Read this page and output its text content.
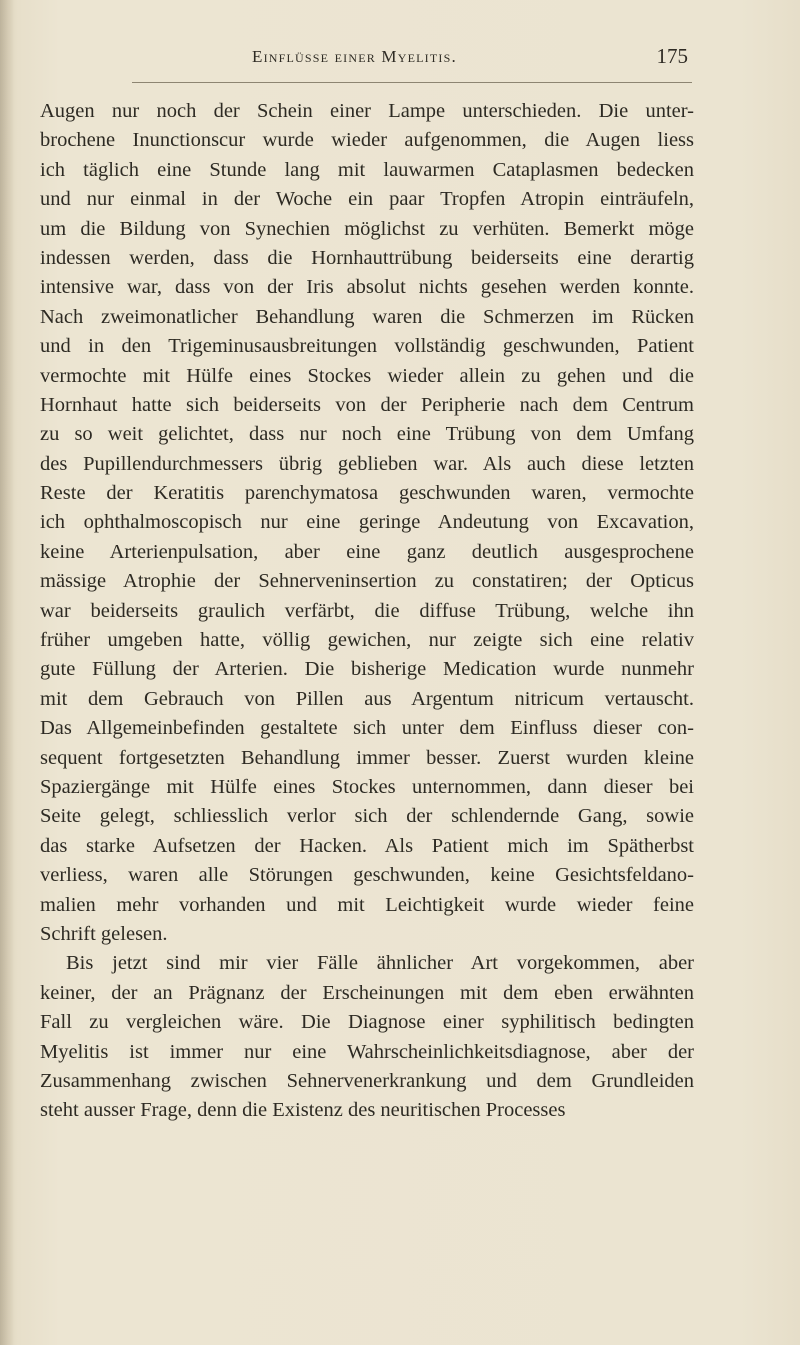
Einflüsse einer Myelitis.	175
Augen nur noch der Schein einer Lampe unterschieden. Die unter-
brochene Inunctionscur wurde wieder aufgenommen, die Augen liess
ich täglich eine Stunde lang mit lauwarmen Cataplasmen bedecken
und nur einmal in der Woche ein paar Tropfen Atropin einträufeln,
um die Bildung von Synechien möglichst zu verhüten. Bemerkt möge
indessen werden, dass die Hornhauttrübung beiderseits eine derartig
intensive war, dass von der Iris absolut nichts gesehen werden konnte.
Nach zweimonatlicher Behandlung waren die Schmerzen im Rücken
und in den Trigeminusausbreitungen vollständig geschwunden, Patient
vermochte mit Hülfe eines Stockes wieder allein zu gehen und die
Hornhaut hatte sich beiderseits von der Peripherie nach dem Centrum
zu so weit gelichtet, dass nur noch eine Trübung von dem Umfang
des Pupillendurchmessers übrig geblieben war. Als auch diese letzten
Reste der Keratitis parenchymatosa geschwunden waren, vermochte
ich ophthalmoscopisch nur eine geringe Andeutung von Excavation,
keine Arterienpulsation, aber eine ganz deutlich ausgesprochene
mässige Atrophie der Sehnerveninsertion zu constatiren; der Opticus
war beiderseits graulich verfärbt, die diffuse Trübung, welche ihn
früher umgeben hatte, völlig gewichen, nur zeigte sich eine relativ
gute Füllung der Arterien. Die bisherige Medication wurde nunmehr
mit dem Gebrauch von Pillen aus Argentum nitricum vertauscht.
Das Allgemeinbefinden gestaltete sich unter dem Einfluss dieser con-
sequent fortgesetzten Behandlung immer besser. Zuerst wurden kleine
Spaziergänge mit Hülfe eines Stockes unternommen, dann dieser bei
Seite gelegt, schliesslich verlor sich der schlendernde Gang, sowie
das starke Aufsetzen der Hacken. Als Patient mich im Spätherbst
verliess, waren alle Störungen geschwunden, keine Gesichtsfeldano-
malien mehr vorhanden und mit Leichtigkeit wurde wieder feine
Schrift gelesen.
Bis jetzt sind mir vier Fälle ähnlicher Art vorgekommen, aber
keiner, der an Prägnanz der Erscheinungen mit dem eben erwähnten
Fall zu vergleichen wäre. Die Diagnose einer syphilitisch bedingten
Myelitis ist immer nur eine Wahrscheinlichkeitsdiagnose, aber der
Zusammenhang zwischen Sehnervenerkrankung und dem Grundleiden
steht ausser Frage, denn die Existenz des neuritischen Processes
